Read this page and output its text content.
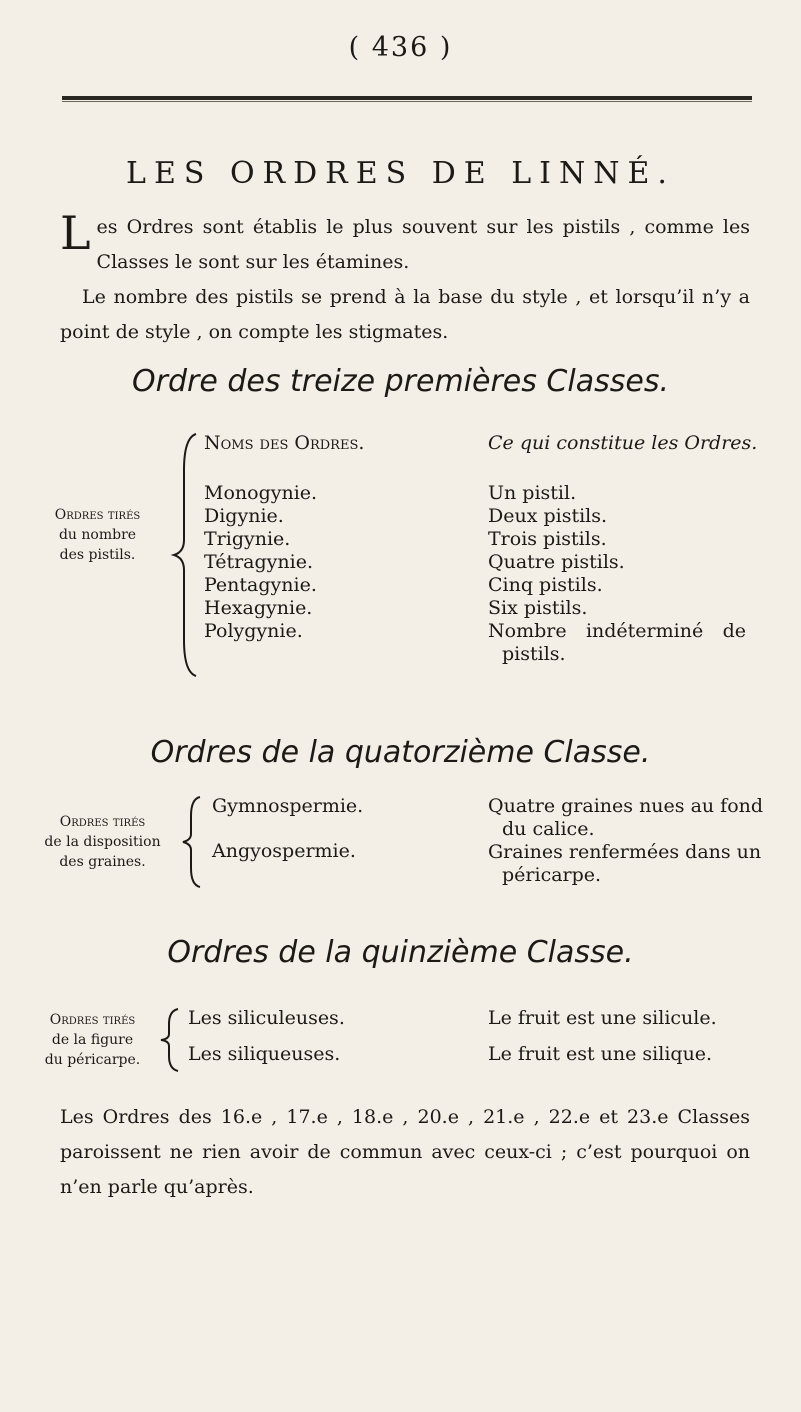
( 436 )
LES ORDRES DE LINNÉ.
Les Ordres sont établis le plus souvent sur les pistils , comme les Classes le sont sur les étamines.
Le nombre des pistils se prend à la base du style , et lorsqu’il n’y a point de style , on compte les stigmates.
Ordre des treize premières Classes.
Ordres tirés
du nombre
des pistils.
Noms des Ordres.	Ce qui constitue les Ordres.
Monogynie.
Digynie.
Trigynie.
Tétragynie.
Pentagynie.
Hexagynie.
Polygynie.
Un pistil.
Deux pistils.
Trois pistils.
Quatre pistils.
Cinq pistils.
Six pistils.
Nombre indéterminé de
pistils.
Ordres de la quatorzième Classe.
Ordres tirés
de la disposition
des graines.
Gymnospermie.
Angyospermie.
Quatre graines nues au fond
du calice.
Graines renfermées dans un
péricarpe.
Ordres de la quinzième Classe.
Ordres tirés
de la figure
du péricarpe.
Les siliculeuses.
Les siliqueuses.
Le fruit est une silicule.
Le fruit est une silique.
Les Ordres des 16.e , 17.e , 18.e , 20.e , 21.e , 22.e et 23.e Classes paroissent ne rien avoir de commun avec ceux-ci ; c’est pourquoi on n’en parle qu’après.
